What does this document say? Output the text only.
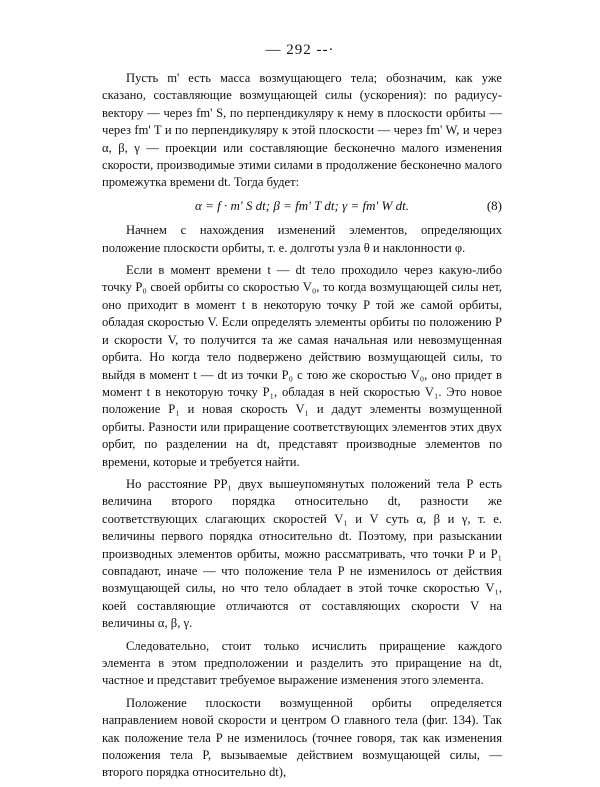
— 292 --·

Пусть m' есть масса возмущающего тела; обозначим, как уже сказано, составляющие возмущающей силы (ускорения): по радиусу-вектору — через fm' S, по перпендикуляру к нему в плоскости орбиты — через fm' T и по перпендикуляру к этой плоскости — через fm' W, и через α, β, γ — проекции или составляющие бесконечно малого изменения скорости, производимые этими силами в продолжение бесконечно малого промежутка времени dt. Тогда будет:

α = f · m' S dt; β = fm' T dt; γ = fm' W dt.	(8)

Начнем с нахождения изменений элементов, определяющих положение плоскости орбиты, т. е. долготы узла θ и наклонности φ.

Если в момент времени t — dt тело проходило через какую-либо точку P₀ своей орбиты со скоростью V₀, то когда возмущающей силы нет, оно приходит в момент t в некоторую точку P той же самой орбиты, обладая скоростью V. Если определять элементы орбиты по положению P и скорости V, то получится та же самая начальная или невозмущенная орбита. Но когда тело подвержено действию возмущающей силы, то выйдя в момент t — dt из точки P₀ с тою же скоростью V₀, оно придет в момент t в некоторую точку P₁, обладая в ней скоростью V₁. Это новое положение P₁ и новая скорость V₁ и дадут элементы возмущенной орбиты. Разности или приращение соответствующих элементов этих двух орбит, по разделении на dt, представят производные элементов по времени, которые и требуется найти.

Но расстояние PP₁ двух вышеупомянутых положений тела P есть величина второго порядка относительно dt, разности же соответствующих слагающих скоростей V₁ и V суть α, β и γ, т. е. величины первого порядка относительно dt. Поэтому, при разыскании производных элементов орбиты, можно рассматривать, что точки P и P₁ совпадают, иначе — что положение тела P не изменилось от действия возмущающей силы, но что тело обладает в этой точке скоростью V₁, коей составляющие отличаются от составляющих скорости V на величины α, β, γ.

Следовательно, стоит только исчислить приращение каждого элемента в этом предположении и разделить это приращение на dt, частное и представит требуемое выражение изменения этого элемента.

Положение плоскости возмущенной орбиты определяется направлением новой скорости и центром O главного тела (фиг. 134). Так как положение тела P не изменилось (точнее говоря, так как изменения положения тела P, вызываемые действием возмущающей силы, — второго порядка относительно dt),
